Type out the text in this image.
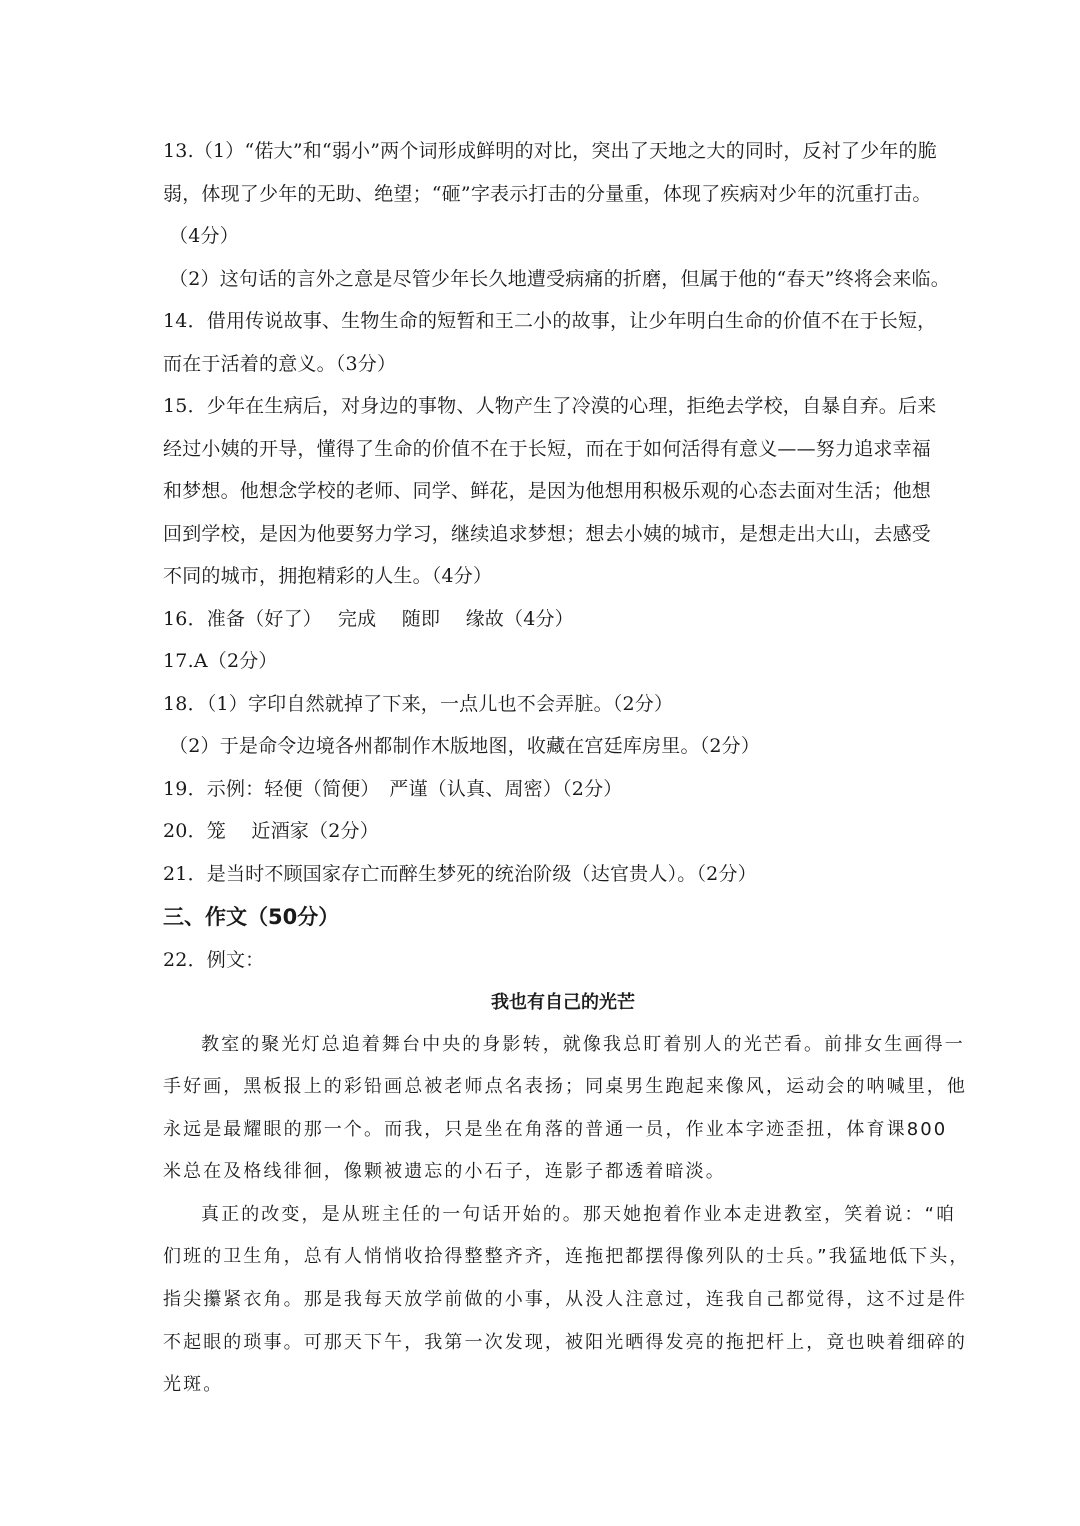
13.（1）“偌大”和“弱小”两个词形成鲜明的对比，突出了天地之大的同时，反衬了少年的脆

弱，体现了少年的无助、绝望；“砸”字表示打击的分量重，体现了疾病对少年的沉重打击。

（4分）

（2）这句话的言外之意是尽管少年长久地遭受病痛的折磨，但属于他的“春天”终将会来临。

14．借用传说故事、生物生命的短暂和王二小的故事，让少年明白生命的价值不在于长短，

而在于活着的意义。（3分）

15．少年在生病后，对身边的事物、人物产生了冷漠的心理，拒绝去学校，自暴自弃。后来

经过小姨的开导，懂得了生命的价值不在于长短，而在于如何活得有意义——努力追求幸福

和梦想。他想念学校的老师、同学、鲜花，是因为他想用积极乐观的心态去面对生活；他想

回到学校，是因为他要努力学习，继续追求梦想；想去小姨的城市，是想走出大山，去感受

不同的城市，拥抱精彩的人生。（4分）

16．准备（好了）　 完成　 随即　 缘故（4分）

17.A（2分）

18．（1）字印自然就掉了下来，一点儿也不会弄脏。（2分）

（2）于是命令边境各州都制作木版地图，收藏在宫廷库房里。（2分）

19．示例：轻便（简便）　严谨（认真、周密）（2分）

20．笼　 近酒家（2分）

21．是当时不顾国家存亡而醉生梦死的统治阶级（达官贵人）。（2分）

三、作文（50分）

22．例文：

我也有自己的光芒

教室的聚光灯总追着舞台中央的身影转，就像我总盯着别人的光芒看。前排女生画得一

手好画，黑板报上的彩铅画总被老师点名表扬；同桌男生跑起来像风，运动会的呐喊里，他

永远是最耀眼的那一个。而我，只是坐在角落的普通一员，作业本字迹歪扭，体育课800

米总在及格线徘徊，像颗被遗忘的小石子，连影子都透着暗淡。

真正的改变，是从班主任的一句话开始的。那天她抱着作业本走进教室，笑着说：“咱

们班的卫生角，总有人悄悄收拾得整整齐齐，连拖把都摆得像列队的士兵。”我猛地低下头，

指尖攥紧衣角。那是我每天放学前做的小事，从没人注意过，连我自己都觉得，这不过是件

不起眼的琐事。可那天下午，我第一次发现，被阳光晒得发亮的拖把杆上，竟也映着细碎的

光斑。
